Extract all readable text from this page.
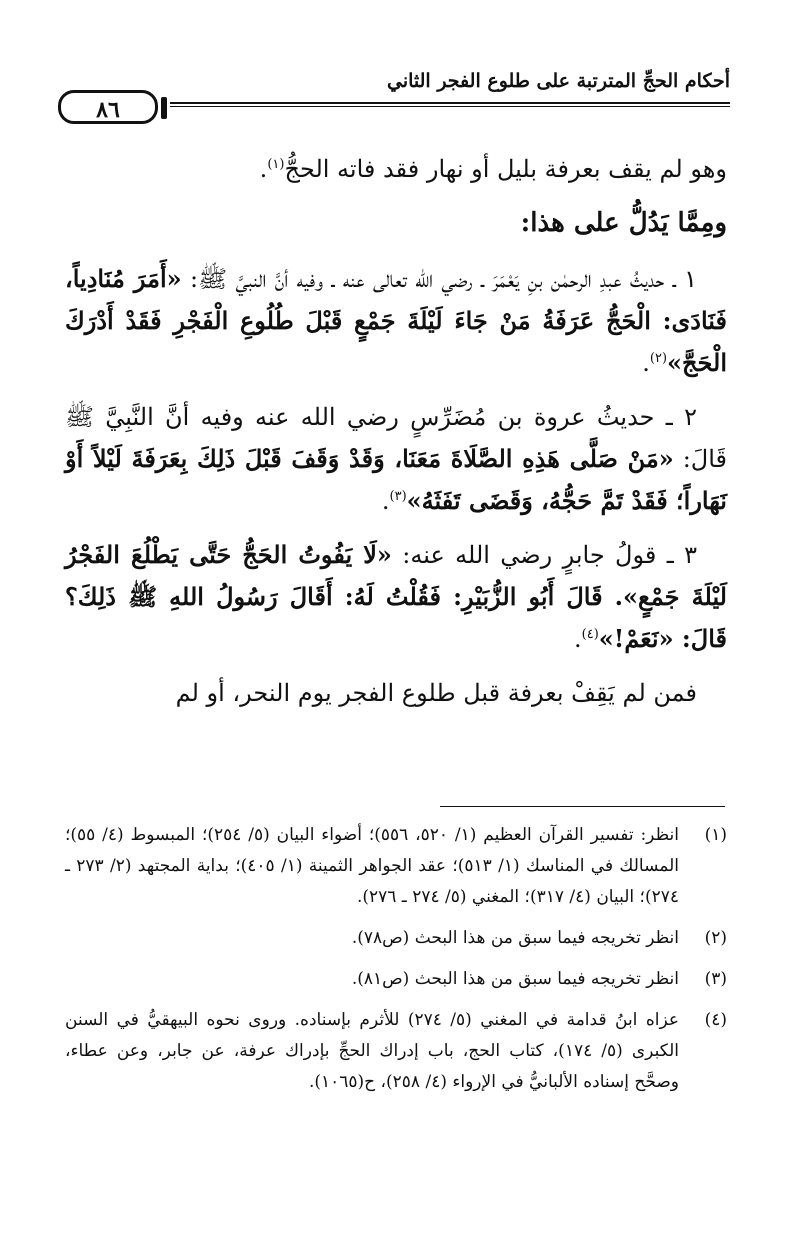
أحكام الحجِّ المترتبة على طلوع الفجر الثاني
٨٦

وهو لم يقف بعرفة بليل أو نهار فقد فاته الحجُّ$^{(١)}$.

ومِمَّا يَدُلُّ على هذا:

١ ـ حديثُ عبدِ الرحمٰن بنِ يَعْمَرَ ـ رضي الله تعالى عنه ـ وفيه أنَّ النبيَّ ﷺ: «أَمَرَ مُنَادِياً، فَنَادَى: الْحَجُّ عَرَفَةُ مَنْ جَاءَ لَيْلَةَ جَمْعٍ قَبْلَ طُلُوعِ الْفَجْرِ فَقَدْ أَدْرَكَ الْحَجَّ»$^{(٢)}$.

٢ ـ حديثُ عروة بن مُضَرِّسٍ رضي الله عنه وفيه أنَّ النَّبِيَّ ﷺ قَالَ: «مَنْ صَلَّى هَذِهِ الصَّلَاةَ مَعَنَا، وَقَدْ وَقَفَ قَبْلَ ذَلِكَ بِعَرَفَةَ لَيْلاً أَوْ نَهَاراً؛ فَقَدْ تَمَّ حَجُّهُ، وَقَضَى تَفَثَهُ»$^{(٣)}$.

٣ ـ قولُ جابرٍ رضي الله عنه: «لَا يَفُوتُ الحَجُّ حَتَّى يَطْلُعَ الفَجْرُ لَيْلَةَ جَمْعٍ». قَالَ أَبُو الزُّبَيْرِ: فَقُلْتُ لَهُ: أَقَالَ رَسُولُ اللهِ ﷺ ذَلِكَ؟ قَالَ: «نَعَمْ!»$^{(٤)}$.

فمن لم يَقِفْ بعرفة قبل طلوع الفجر يوم النحر، أو لم

(١)
انظر: تفسير القرآن العظيم (١/ ٥٢٠، ٥٥٦)؛ أضواء البيان (٥/ ٢٥٤)؛ المبسوط (٤/ ٥٥)؛ المسالك في المناسك (١/ ٥١٣)؛ عقد الجواهر الثمينة (١/ ٤٠٥)؛ بداية المجتهد (٢/ ٢٧٣ ـ ٢٧٤)؛ البيان (٤/ ٣١٧)؛ المغني (٥/ ٢٧٤ ـ ٢٧٦).
(٢)
انظر تخريجه فيما سبق من هذا البحث (ص٧٨).
(٣)
انظر تخريجه فيما سبق من هذا البحث (ص٨١).
(٤)
عزاه ابنُ قدامة في المغني (٥/ ٢٧٤) للأثرم بإسناده. وروى نحوه البيهقيُّ في السنن الكبرى (٥/ ١٧٤)، كتاب الحج، باب إدراك الحجِّ بإدراك عرفة، عن جابر، وعن عطاء، وصحَّح إسناده الألبانيُّ في الإرواء (٤/ ٢٥٨)، ح(١٠٦٥).
